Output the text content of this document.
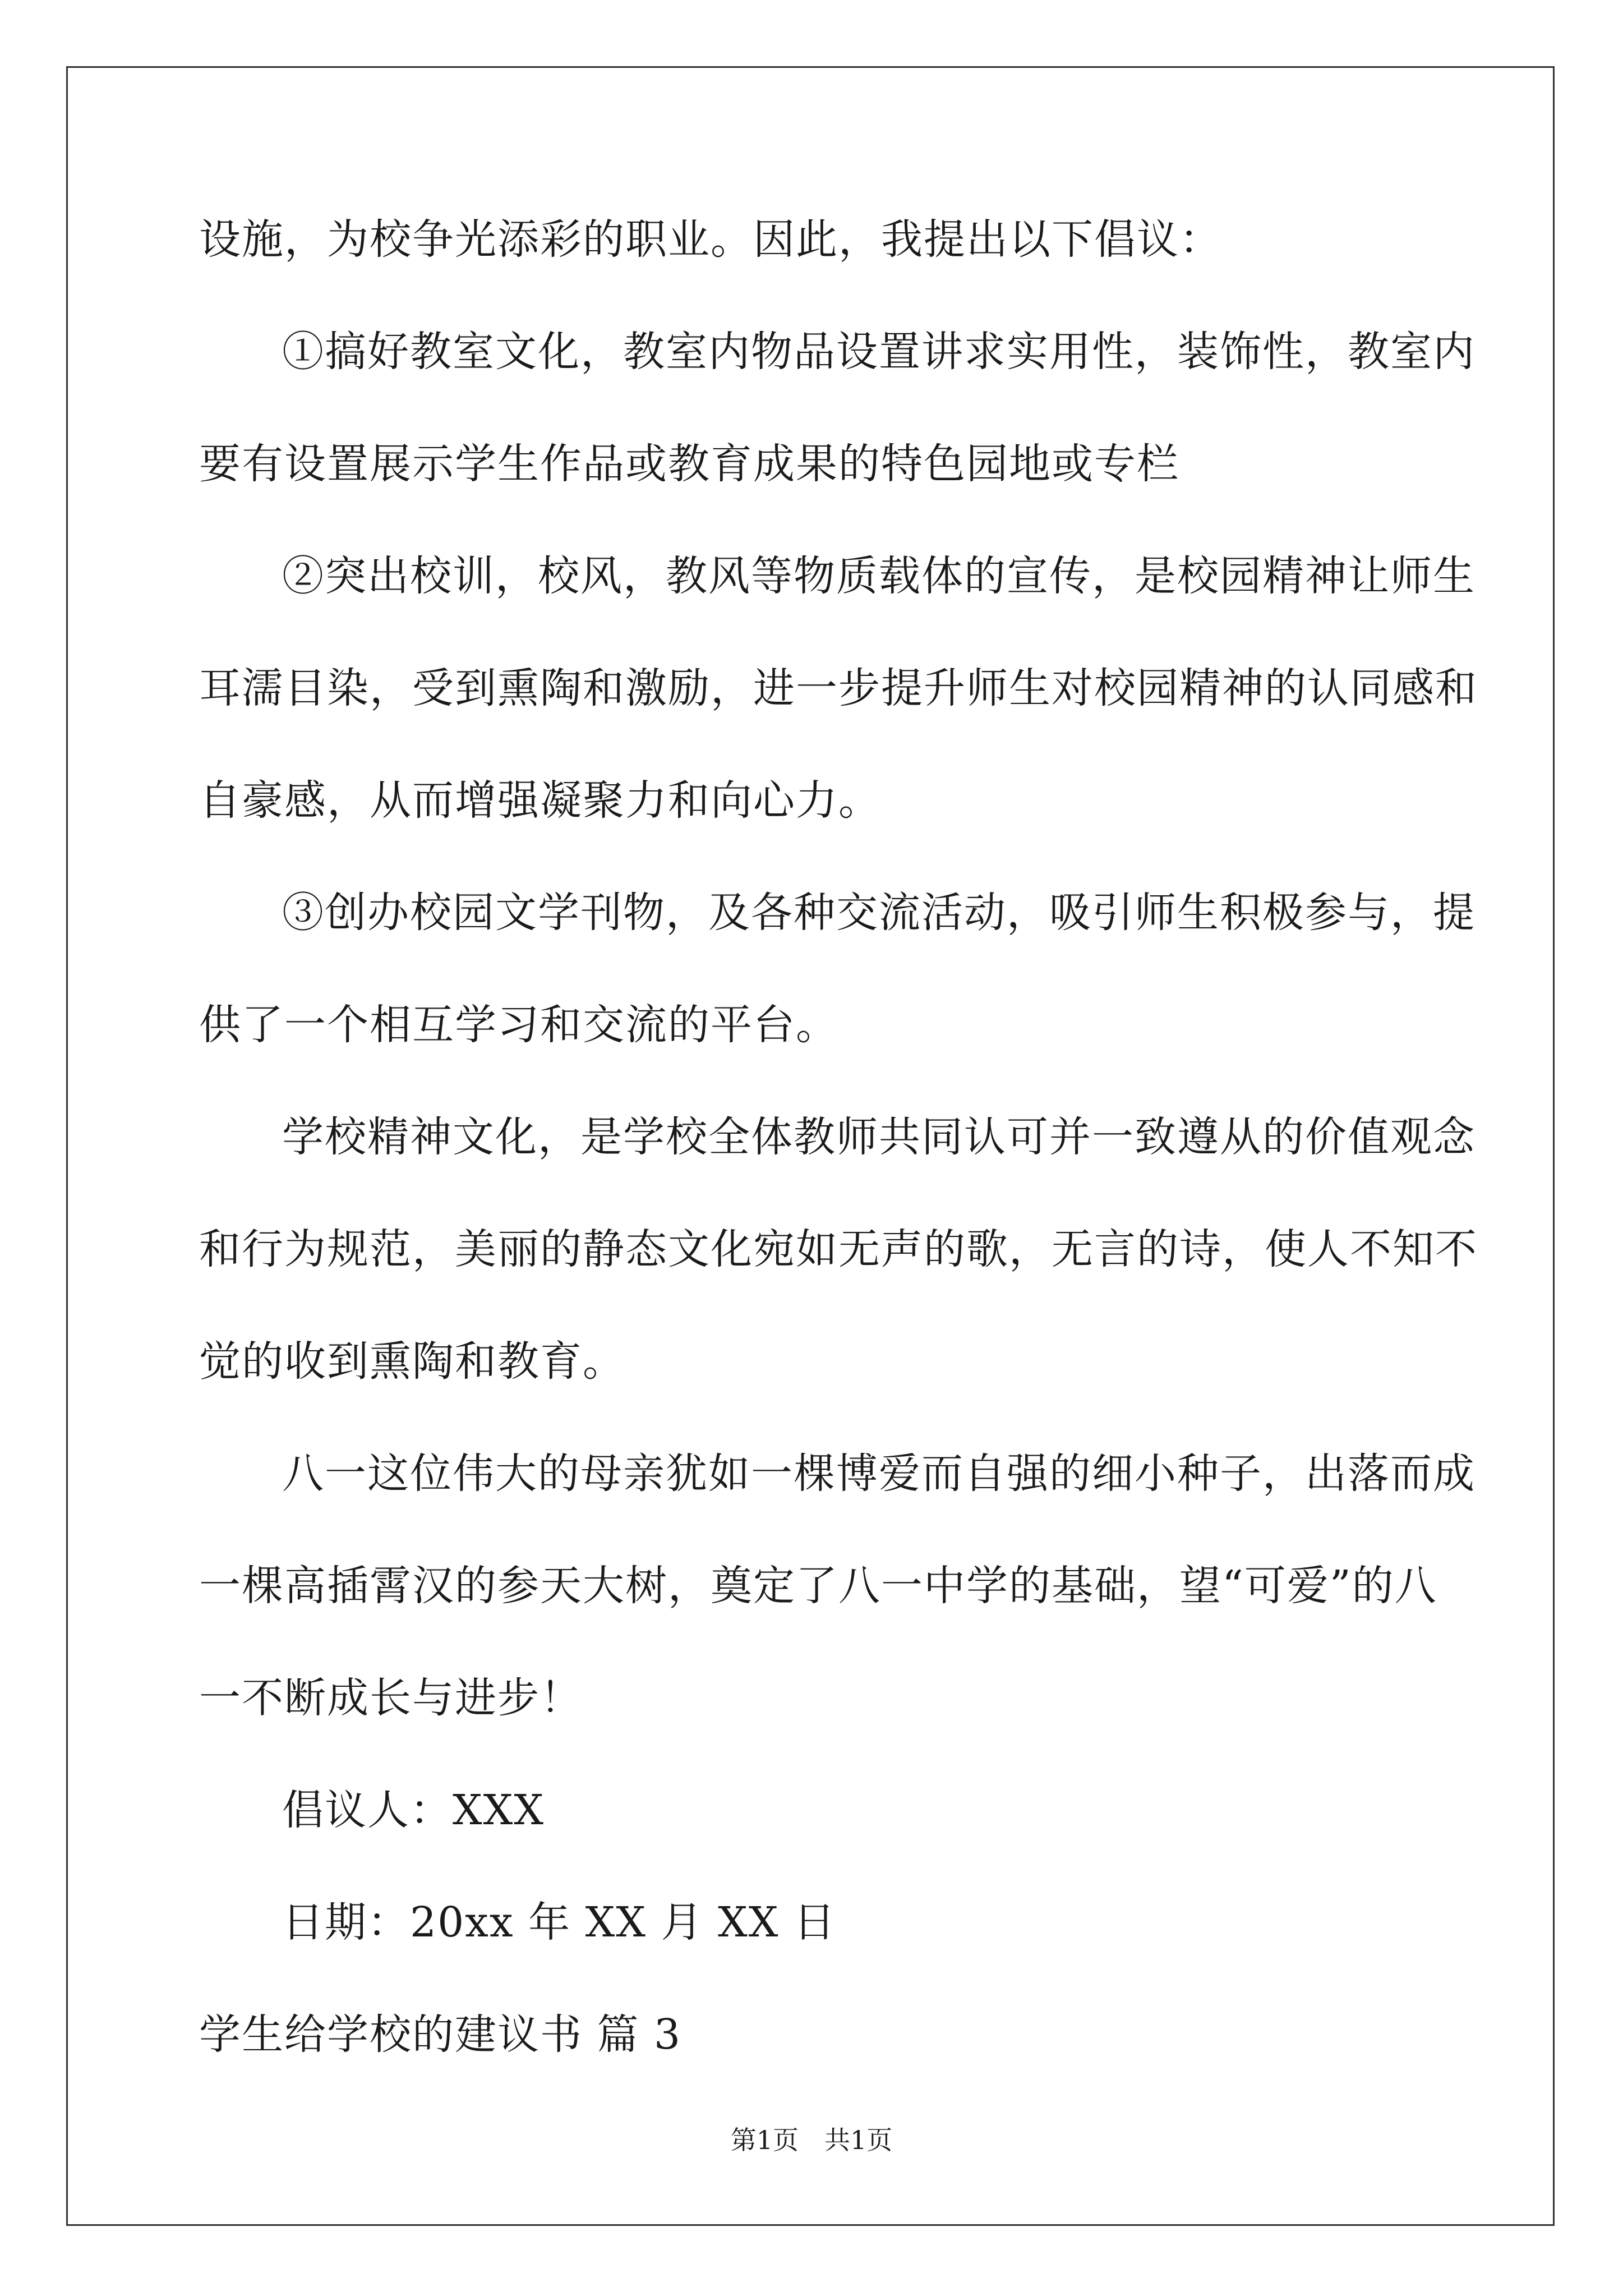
设施，为校争光添彩的职业。因此，我提出以下倡议：
①搞好教室文化，教室内物品设置讲求实用性，装饰性，教室内
要有设置展示学生作品或教育成果的特色园地或专栏
②突出校训，校风，教风等物质载体的宣传，是校园精神让师生
耳濡目染，受到熏陶和激励，进一步提升师生对校园精神的认同感和
自豪感，从而增强凝聚力和向心力。
③创办校园文学刊物，及各种交流活动，吸引师生积极参与，提
供了一个相互学习和交流的平台。
学校精神文化，是学校全体教师共同认可并一致遵从的价值观念
和行为规范，美丽的静态文化宛如无声的歌，无言的诗，使人不知不
觉的收到熏陶和教育。
八一这位伟大的母亲犹如一棵博爱而自强的细小种子，出落而成
一棵高插霄汉的参天大树，奠定了八一中学的基础，望“可爱”的八
一不断成长与进步！
倡议人：XXX
日期：20xx 年 XX 月 XX 日
学生给学校的建议书 篇 3
第1页　共1页
